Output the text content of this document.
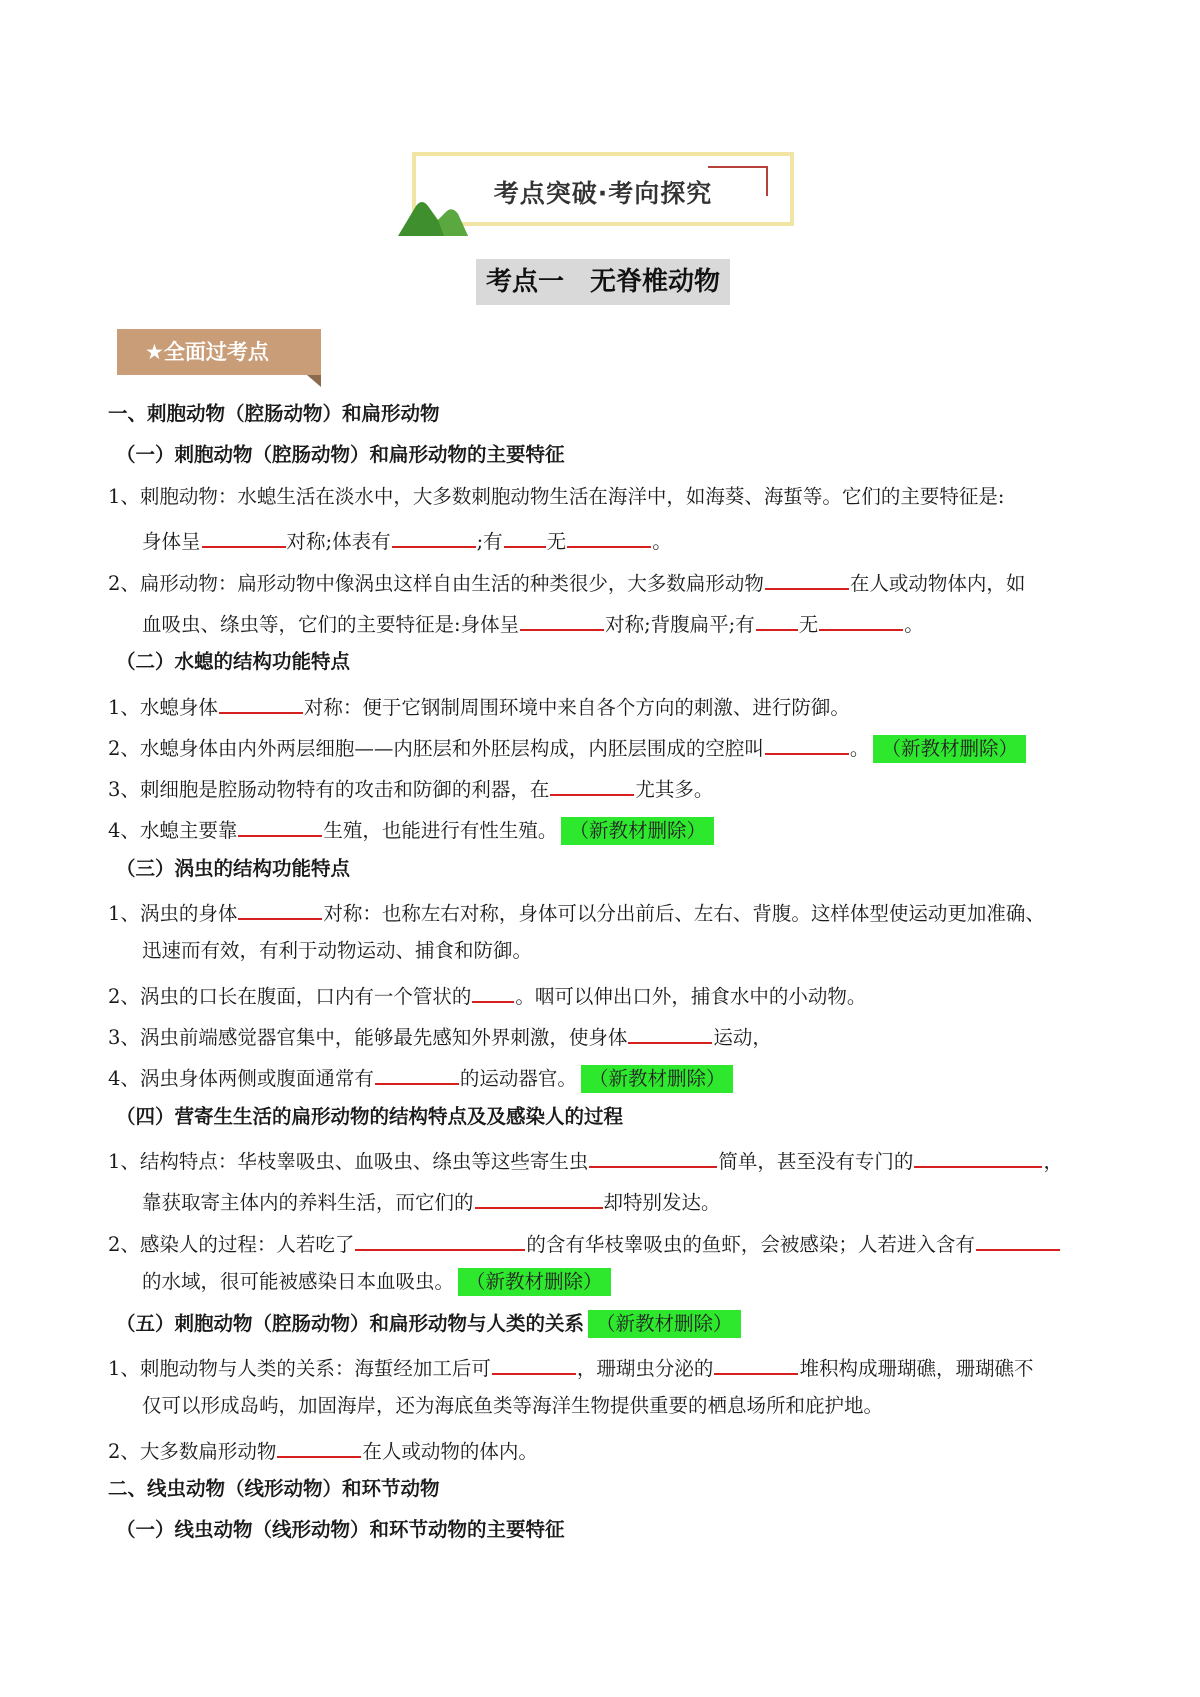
考点突破·考向探究
考点一　无脊椎动物
★全面过考点
一、刺胞动物（腔肠动物）和扁形动物
（一）刺胞动物（腔肠动物）和扁形动物的主要特征
1、刺胞动物：水螅生活在淡水中，大多数刺胞动物生活在海洋中，如海葵、海蜇等。它们的主要特征是:
身体呈	对称;体表有	;有 无	。
2、扁形动物：扁形动物中像涡虫这样自由生活的种类很少，大多数扁形动物	在人或动物体内，如
血吸虫、绦虫等，它们的主要特征是:身体呈	对称;背腹扁平;有 无	。
（二）水螅的结构功能特点
1、水螅身体	对称：便于它钢制周围环境中来自各个方向的刺激、进行防御。
2、水螅身体由内外两层细胞——内胚层和外胚层构成，内胚层围成的空腔叫	。 （新教材删除）
3、刺细胞是腔肠动物特有的攻击和防御的利器，在	尤其多。
4、水螅主要靠	生殖，也能进行有性生殖。 （新教材删除）
（三）涡虫的结构功能特点
1、涡虫的身体	对称：也称左右对称，身体可以分出前后、左右、背腹。这样体型使运动更加准确、
迅速而有效，有利于动物运动、捕食和防御。
2、涡虫的口长在腹面，口内有一个管状的 。咽可以伸出口外，捕食水中的小动物。
3、涡虫前端感觉器官集中，能够最先感知外界刺激，使身体	运动，
4、涡虫身体两侧或腹面通常有	的运动器官。 （新教材删除）
（四）营寄生生活的扁形动物的结构特点及及感染人的过程
1、结构特点：华枝睾吸虫、血吸虫、绦虫等这些寄生虫	简单，甚至没有专门的	，
靠获取寄主体内的养料生活，而它们的	却特别发达。
2、感染人的过程：人若吃了	的含有华枝睾吸虫的鱼虾，会被感染；人若进入含有
的水域，很可能被感染日本血吸虫。 （新教材删除）
（五）刺胞动物（腔肠动物）和扁形动物与人类的关系 （新教材删除）
1、刺胞动物与人类的关系：海蜇经加工后可	，珊瑚虫分泌的	堆积构成珊瑚礁，珊瑚礁不
仅可以形成岛屿，加固海岸，还为海底鱼类等海洋生物提供重要的栖息场所和庇护地。
2、大多数扁形动物	在人或动物的体内。
二、线虫动物（线形动物）和环节动物
（一）线虫动物（线形动物）和环节动物的主要特征
